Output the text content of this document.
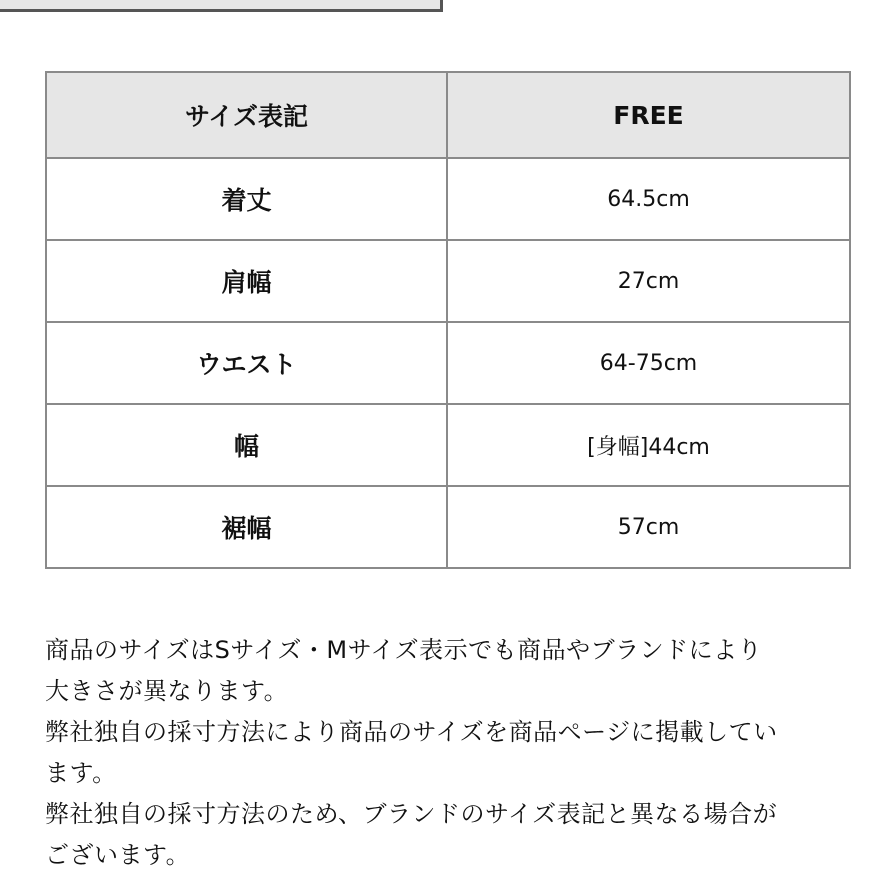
サイズ表記	FREE
着丈	64.5cm
肩幅	27cm
ウエスト	64-75cm
幅	[身幅]44cm
裾幅	57cm

商品のサイズはSサイズ・Mサイズ表示でも商品やブランドにより

大きさが異なります。

弊社独自の採寸方法により商品のサイズを商品ページに掲載してい

ます。

弊社独自の採寸方法のため、ブランドのサイズ表記と異なる場合が

ございます。
